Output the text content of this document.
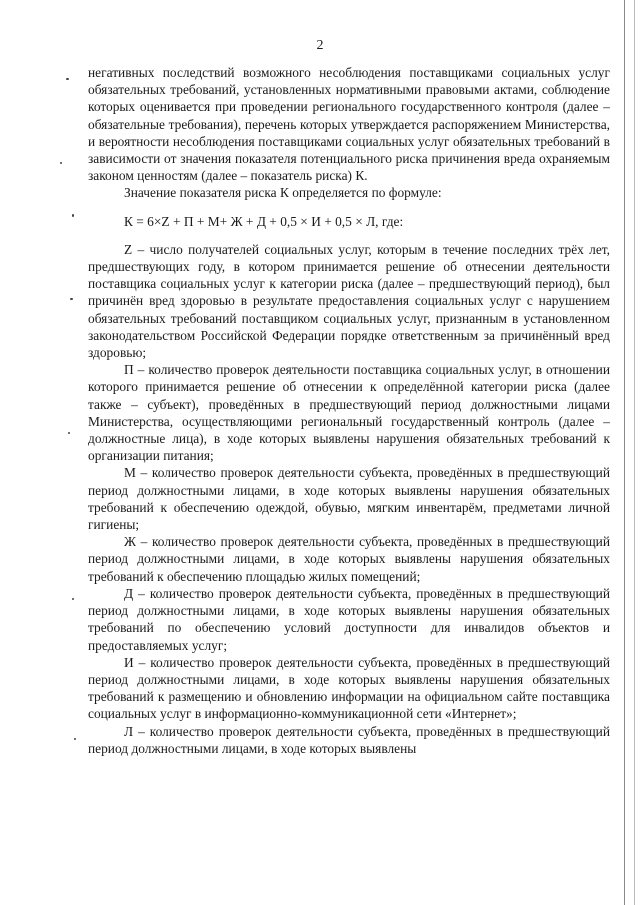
2

негативных последствий возможного несоблюдения поставщиками социальных услуг обязательных требований, установленных нормативными правовыми актами, соблюдение которых оценивается при проведении регионального государственного контроля (далее – обязательные требования), перечень которых утверждается распоряжением Министерства, и вероятности несоблюдения поставщиками социальных услуг обязательных требований в зависимости от значения показателя потенциального риска причинения вреда охраняемым законом ценностям (далее – показатель риска) К.

Значение показателя риска К определяется по формуле:

К = 6×Z + П + М+ Ж + Д + 0,5 × И + 0,5 × Л, где:

Z – число получателей социальных услуг, которым в течение последних трёх лет, предшествующих году, в котором принимается решение об отнесении деятельности поставщика социальных услуг к категории риска (далее – предшествующий период), был причинён вред здоровью в результате предоставления социальных услуг с нарушением обязательных требований поставщиком социальных услуг, признанным в установленном законодательством Российской Федерации порядке ответственным за причинённый вред здоровью;

П – количество проверок деятельности поставщика социальных услуг, в отношении которого принимается решение об отнесении к определённой категории риска (далее также – субъект), проведённых в предшествующий период должностными лицами Министерства, осуществляющими региональный государственный контроль (далее – должностные лица), в ходе которых выявлены нарушения обязательных требований к организации питания;

М – количество проверок деятельности субъекта, проведённых в предшествующий период должностными лицами, в ходе которых выявлены нарушения обязательных требований к обеспечению одеждой, обувью, мягким инвентарём, предметами личной гигиены;

Ж – количество проверок деятельности субъекта, проведённых в предшествующий период должностными лицами, в ходе которых выявлены нарушения обязательных требований к обеспечению площадью жилых помещений;

Д – количество проверок деятельности субъекта, проведённых в предшествующий период должностными лицами, в ходе которых выявлены нарушения обязательных требований по обеспечению условий доступности для инвалидов объектов и предоставляемых услуг;

И – количество проверок деятельности субъекта, проведённых в предшествующий период должностными лицами, в ходе которых выявлены нарушения обязательных требований к размещению и обновлению информации на официальном сайте поставщика социальных услуг в информационно-коммуникационной сети «Интернет»;

Л – количество проверок деятельности субъекта, проведённых в предшествующий период должностными лицами, в ходе которых выявлены
